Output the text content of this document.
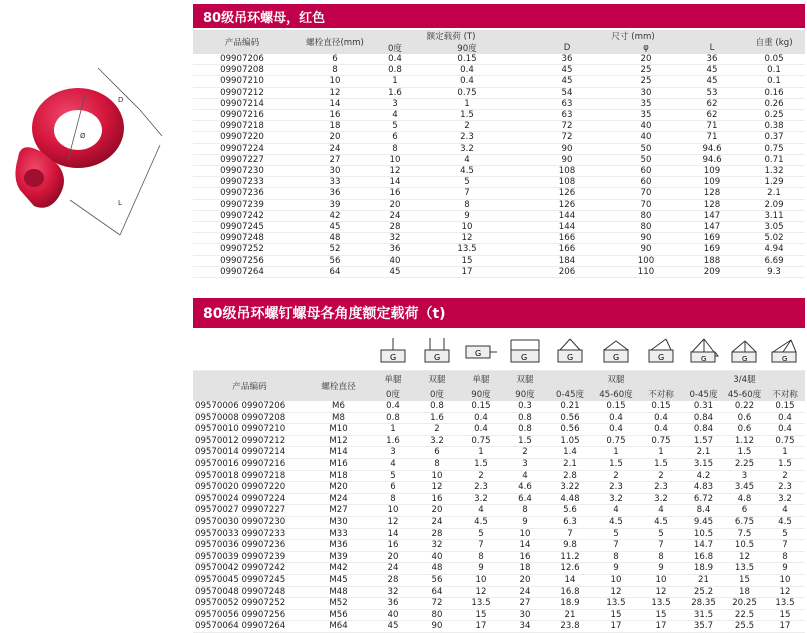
D
Ø
L
80级吊环螺母，红色
产品编码	螺栓直径(mm)	额定载荷 (T)		尺寸 (mm)			自重 (kg)
		0度	90度	D	φ	L	
09907206	6	0.4	0.15	36	20	36	0.05
09907208	8	0.8	0.4	45	25	45	0.1
09907210	10	1	0.4	45	25	45	0.1
09907212	12	1.6	0.75	54	30	53	0.16
09907214	14	3	1	63	35	62	0.26
09907216	16	4	1.5	63	35	62	0.25
09907218	18	5	2	72	40	71	0.38
09907220	20	6	2.3	72	40	71	0.37
09907224	24	8	3.2	90	50	94.6	0.75
09907227	27	10	4	90	50	94.6	0.71
09907230	30	12	4.5	108	60	109	1.32
09907233	33	14	5	108	60	109	1.29
09907236	36	16	7	126	70	128	2.1
09907239	39	20	8	126	70	128	2.09
09907242	42	24	9	144	80	147	3.11
09907245	45	28	10	144	80	147	3.05
09907248	48	32	12	166	90	169	5.02
09907252	52	36	13.5	166	90	169	4.94
09907256	56	40	15	184	100	188	6.69
09907264	64	45	17	206	110	209	9.3
80级吊环螺钉螺母各角度额定载荷（t)

G	G	G	G	G	G	G	G	G	G

产品编码	螺栓直径	单腿	双腿	单腿	双腿		双腿			3/4腿	
		0度	0度	90度	90度	0-45度	45-60度	不对称	0-45度	45-60度	不对称
09570006 09907206	M6	0.4	0.8	0.15	0.3	0.21	0.15	0.15	0.31	0.22	0.15
09570008 09907208	M8	0.8	1.6	0.4	0.8	0.56	0.4	0.4	0.84	0.6	0.4
09570010 09907210	M10	1	2	0.4	0.8	0.56	0.4	0.4	0.84	0.6	0.4
09570012 09907212	M12	1.6	3.2	0.75	1.5	1.05	0.75	0.75	1.57	1.12	0.75
09570014 09907214	M14	3	6	1	2	1.4	1	1	2.1	1.5	1
09570016 09907216	M16	4	8	1.5	3	2.1	1.5	1.5	3.15	2.25	1.5
09570018 09907218	M18	5	10	2	4	2.8	2	2	4.2	3	2
09570020 09907220	M20	6	12	2.3	4.6	3.22	2.3	2.3	4.83	3.45	2.3
09570024 09907224	M24	8	16	3.2	6.4	4.48	3.2	3.2	6.72	4.8	3.2
09570027 09907227	M27	10	20	4	8	5.6	4	4	8.4	6	4
09570030 09907230	M30	12	24	4.5	9	6.3	4.5	4.5	9.45	6.75	4.5
09570033 09907233	M33	14	28	5	10	7	5	5	10.5	7.5	5
09570036 09907236	M36	16	32	7	14	9.8	7	7	14.7	10.5	7
09570039 09907239	M39	20	40	8	16	11.2	8	8	16.8	12	8
09570042 09907242	M42	24	48	9	18	12.6	9	9	18.9	13.5	9
09570045 09907245	M45	28	56	10	20	14	10	10	21	15	10
09570048 09907248	M48	32	64	12	24	16.8	12	12	25.2	18	12
09570052 09907252	M52	36	72	13.5	27	18.9	13.5	13.5	28.35	20.25	13.5
09570056 09907256	M56	40	80	15	30	21	15	15	31.5	22.5	15
09570064 09907264	M64	45	90	17	34	23.8	17	17	35.7	25.5	17
